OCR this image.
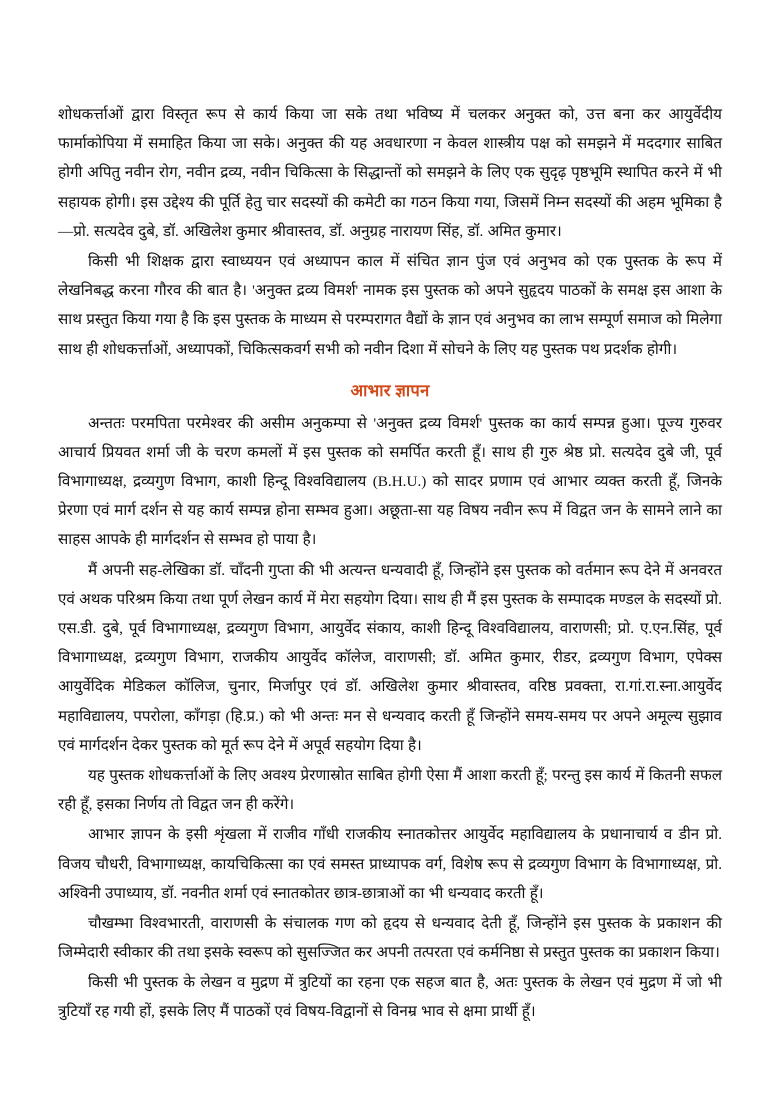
शोधकर्त्ताओं द्वारा विस्तृत रूप से कार्य किया जा सके तथा भविष्य में चलकर अनुक्त को, उत्त बना कर आयुर्वेदीय फार्माकोपिया में समाहित किया जा सके। अनुक्त की यह अवधारणा न केवल शास्त्रीय पक्ष को समझने में मददगार साबित होगी अपितु नवीन रोग, नवीन द्रव्य, नवीन चिकित्सा के सिद्धान्तों को समझने के लिए एक सुदृढ़ पृष्ठभूमि स्थापित करने में भी सहायक होगी। इस उद्देश्य की पूर्ति हेतु चार सदस्यों की कमेटी का गठन किया गया, जिसमें निम्न सदस्यों की अहम भूमिका है—प्रो. सत्यदेव दुबे, डॉ. अखिलेश कुमार श्रीवास्तव, डॉ. अनुग्रह नारायण सिंह, डॉ. अमित कुमार।

किसी भी शिक्षक द्वारा स्वाध्ययन एवं अध्यापन काल में संचित ज्ञान पुंज एवं अनुभव को एक पुस्तक के रूप में लेखनिबद्ध करना गौरव की बात है। 'अनुक्त द्रव्य विमर्श' नामक इस पुस्तक को अपने सुहृदय पाठकों के समक्ष इस आशा के साथ प्रस्तुत किया गया है कि इस पुस्तक के माध्यम से परम्परागत वैद्यों के ज्ञान एवं अनुभव का लाभ सम्पूर्ण समाज को मिलेगा साथ ही शोधकर्त्ताओं, अध्यापकों, चिकित्सकवर्ग सभी को नवीन दिशा में सोचने के लिए यह पुस्तक पथ प्रदर्शक होगी।

आभार ज्ञापन

अन्ततः परमपिता परमेश्वर की असीम अनुकम्पा से 'अनुक्त द्रव्य विमर्श' पुस्तक का कार्य सम्पन्न हुआ। पूज्य गुरुवर आचार्य प्रियवत शर्मा जी के चरण कमलों में इस पुस्तक को समर्पित करती हूँ। साथ ही गुरु श्रेष्ठ प्रो. सत्यदेव दुबे जी, पूर्व विभागाध्यक्ष, द्रव्यगुण विभाग, काशी हिन्दू विश्वविद्यालय (B.H.U.) को सादर प्रणाम एवं आभार व्यक्त करती हूँ, जिनके प्रेरणा एवं मार्ग दर्शन से यह कार्य सम्पन्न होना सम्भव हुआ। अछूता-सा यह विषय नवीन रूप में विद्वत जन के सामने लाने का साहस आपके ही मार्गदर्शन से सम्भव हो पाया है।

मैं अपनी सह-लेखिका डॉ. चाँदनी गुप्ता की भी अत्यन्त धन्यवादी हूँ, जिन्होंने इस पुस्तक को वर्तमान रूप देने में अनवरत एवं अथक परिश्रम किया तथा पूर्ण लेखन कार्य में मेरा सहयोग दिया। साथ ही मैं इस पुस्तक के सम्पादक मण्डल के सदस्यों प्रो. एस.डी. दुबे, पूर्व विभागाध्यक्ष, द्रव्यगुण विभाग, आयुर्वेद संकाय, काशी हिन्दू विश्वविद्यालय, वाराणसी; प्रो. ए.एन.सिंह, पूर्व विभागाध्यक्ष, द्रव्यगुण विभाग, राजकीय आयुर्वेद कॉलेज, वाराणसी; डॉ. अमित कुमार, रीडर, द्रव्यगुण विभाग, एपेक्स आयुर्वेदिक मेडिकल कॉलिज, चुनार, मिर्जापुर एवं डॉ. अखिलेश कुमार श्रीवास्तव, वरिष्ठ प्रवक्ता, रा.गां.रा.स्ना.आयुर्वेद महाविद्यालय, पपरोला, काँगड़ा (हि.प्र.) को भी अन्तः मन से धन्यवाद करती हूँ जिन्होंने समय-समय पर अपने अमूल्य सुझाव एवं मार्गदर्शन देकर पुस्तक को मूर्त रूप देने में अपूर्व सहयोग दिया है।

यह पुस्तक शोधकर्त्ताओं के लिए अवश्य प्रेरणास्रोत साबित होगी ऐसा मैं आशा करती हूँ; परन्तु इस कार्य में कितनी सफल रही हूँ, इसका निर्णय तो विद्वत जन ही करेंगे।

आभार ज्ञापन के इसी शृंखला में राजीव गाँधी राजकीय स्नातकोत्तर आयुर्वेद महाविद्यालय के प्रधानाचार्य व डीन प्रो. विजय चौधरी, विभागाध्यक्ष, कायचिकित्सा का एवं समस्त प्राध्यापक वर्ग, विशेष रूप से द्रव्यगुण विभाग के विभागाध्यक्ष, प्रो. अश्विनी उपाध्याय, डॉ. नवनीत शर्मा एवं स्नातकोतर छात्र-छात्राओं का भी धन्यवाद करती हूँ।

चौखम्भा विश्वभारती, वाराणसी के संचालक गण को हृदय से धन्यवाद देती हूँ, जिन्होंने इस पुस्तक के प्रकाशन की जिम्मेदारी स्वीकार की तथा इसके स्वरूप को सुसज्जित कर अपनी तत्परता एवं कर्मनिष्ठा से प्रस्तुत पुस्तक का प्रकाशन किया।

किसी भी पुस्तक के लेखन व मुद्रण में त्रुटियों का रहना एक सहज बात है, अतः पुस्तक के लेखन एवं मुद्रण में जो भी त्रुटियाँ रह गयी हों, इसके लिए मैं पाठकों एवं विषय-विद्वानों से विनम्र भाव से क्षमा प्रार्थी हूँ।
